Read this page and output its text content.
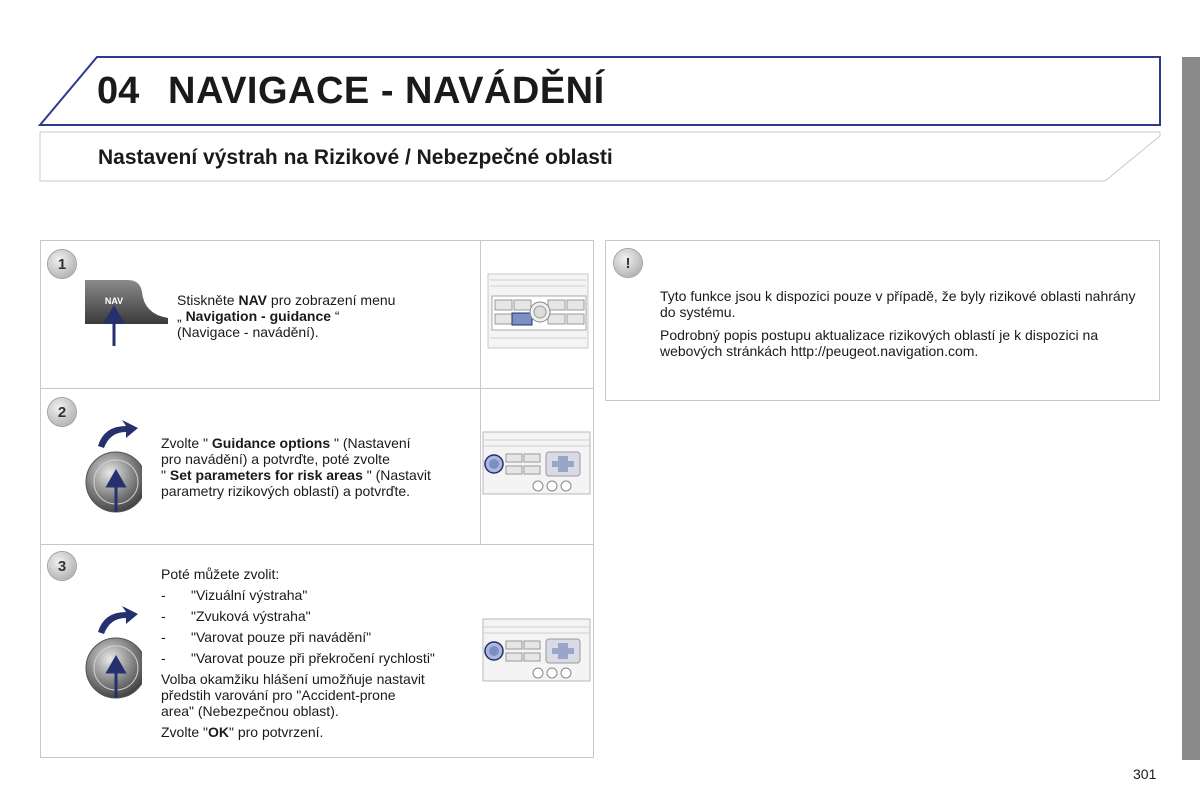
04 NAVIGACE - NAVÁDĚNÍ
Nastavení výstrah na Rizikové / Nebezpečné oblasti
1
NAV	Stiskněte NAV pro zobrazení menu
„ Navigation - guidance “
(Navigace - navádění).
2
Zvolte " Guidance options " (Nastavení
pro navádění) a potvrďte, poté zvolte
" Set parameters for risk areas " (Nastavit
parametry rizikových oblastí) a potvrďte.
3	Poté můžete zvolit:
-	"Vizuální výstraha"
-	"Zvuková výstraha"
-	"Varovat pouze při navádění"
-	"Varovat pouze při překročení rychlosti"
Volba okamžiku hlášení umožňuje nastavit
předstih varování pro "Accident-prone
area" (Nebezpečnou oblast).
Zvolte "OK" pro potvrzení.
!

Tyto funkce jsou k dispozici pouze v případě, že byly rizikové oblasti nahrány do systému.

Podrobný popis postupu aktualizace rizikových oblastí je k dispozici na webových stránkách http://peugeot.navigation.com.

301
